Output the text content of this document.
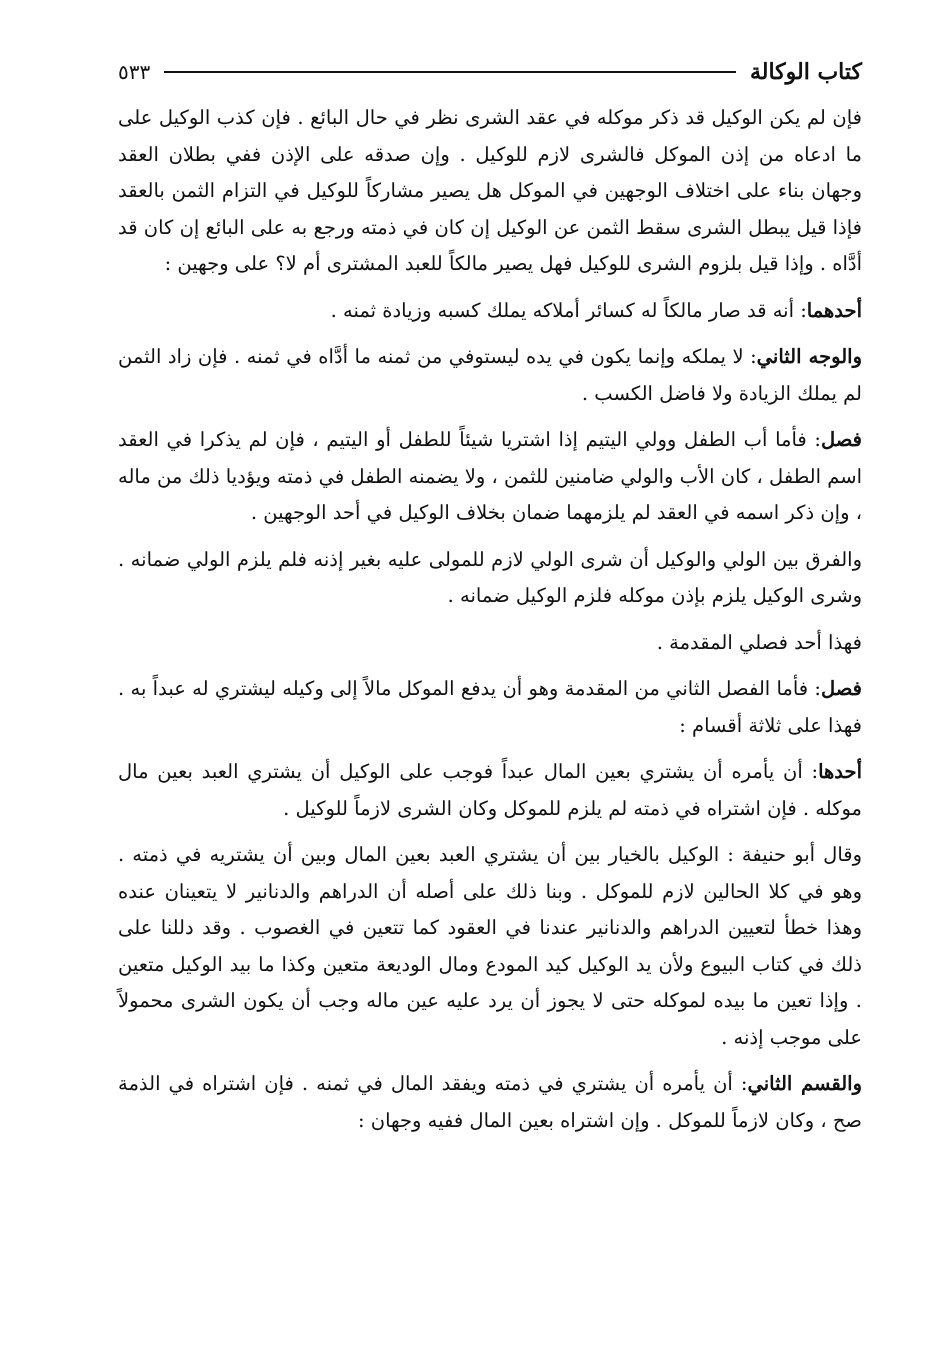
كتاب الوكالة
٥٣٣

فإن لم يكن الوكيل قد ذكر موكله في عقد الشرى نظر في حال البائع . فإن كذب الوكيل على ما ادعاه من إذن الموكل فالشرى لازم للوكيل . وإن صدقه على الإذن ففي بطلان العقد وجهان بناء على اختلاف الوجهين في الموكل هل يصير مشاركاً للوكيل في التزام الثمن بالعقد فإذا قيل يبطل الشرى سقط الثمن عن الوكيل إن كان في ذمته ورجع به على البائع إن كان قد أدَّاه . وإذا قيل بلزوم الشرى للوكيل فهل يصير مالكاً للعبد المشترى أم لا؟ على وجهين :

أحدهما: أنه قد صار مالكاً له كسائر أملاكه يملك كسبه وزيادة ثمنه .

والوجه الثاني: لا يملكه وإنما يكون في يده ليستوفي من ثمنه ما أدَّاه في ثمنه . فإن زاد الثمن لم يملك الزيادة ولا فاضل الكسب .

فصل: فأما أب الطفل وولي اليتيم إذا اشتريا شيئاً للطفل أو اليتيم ، فإن لم يذكرا في العقد اسم الطفل ، كان الأب والولي ضامنين للثمن ، ولا يضمنه الطفل في ذمته ويؤديا ذلك من ماله ، وإن ذكر اسمه في العقد لم يلزمهما ضمان بخلاف الوكيل في أحد الوجهين .

والفرق بين الولي والوكيل أن شرى الولي لازم للمولى عليه بغير إذنه فلم يلزم الولي ضمانه . وشرى الوكيل يلزم بإذن موكله فلزم الوكيل ضمانه .

فهذا أحد فصلي المقدمة .

فصل: فأما الفصل الثاني من المقدمة وهو أن يدفع الموكل مالاً إلى وكيله ليشتري له عبداً به . فهذا على ثلاثة أقسام :

أحدها: أن يأمره أن يشتري بعين المال عبداً فوجب على الوكيل أن يشتري العبد بعين مال موكله . فإن اشتراه في ذمته لم يلزم للموكل وكان الشرى لازماً للوكيل .

وقال أبو حنيفة : الوكيل بالخيار بين أن يشتري العبد بعين المال وبين أن يشتريه في ذمته . وهو في كلا الحالين لازم للموكل . وبنا ذلك على أصله أن الدراهم والدنانير لا يتعينان عنده وهذا خطأ لتعيين الدراهم والدنانير عندنا في العقود كما تتعين في الغصوب . وقد دللنا على ذلك في كتاب البيوع ولأن يد الوكيل كيد المودع ومال الوديعة متعين وكذا ما بيد الوكيل متعين . وإذا تعين ما بيده لموكله حتى لا يجوز أن يرد عليه عين ماله وجب أن يكون الشرى محمولاً على موجب إذنه .

والقسم الثاني: أن يأمره أن يشتري في ذمته ويفقد المال في ثمنه . فإن اشتراه في الذمة صح ، وكان لازماً للموكل . وإن اشتراه بعين المال ففيه وجهان :
